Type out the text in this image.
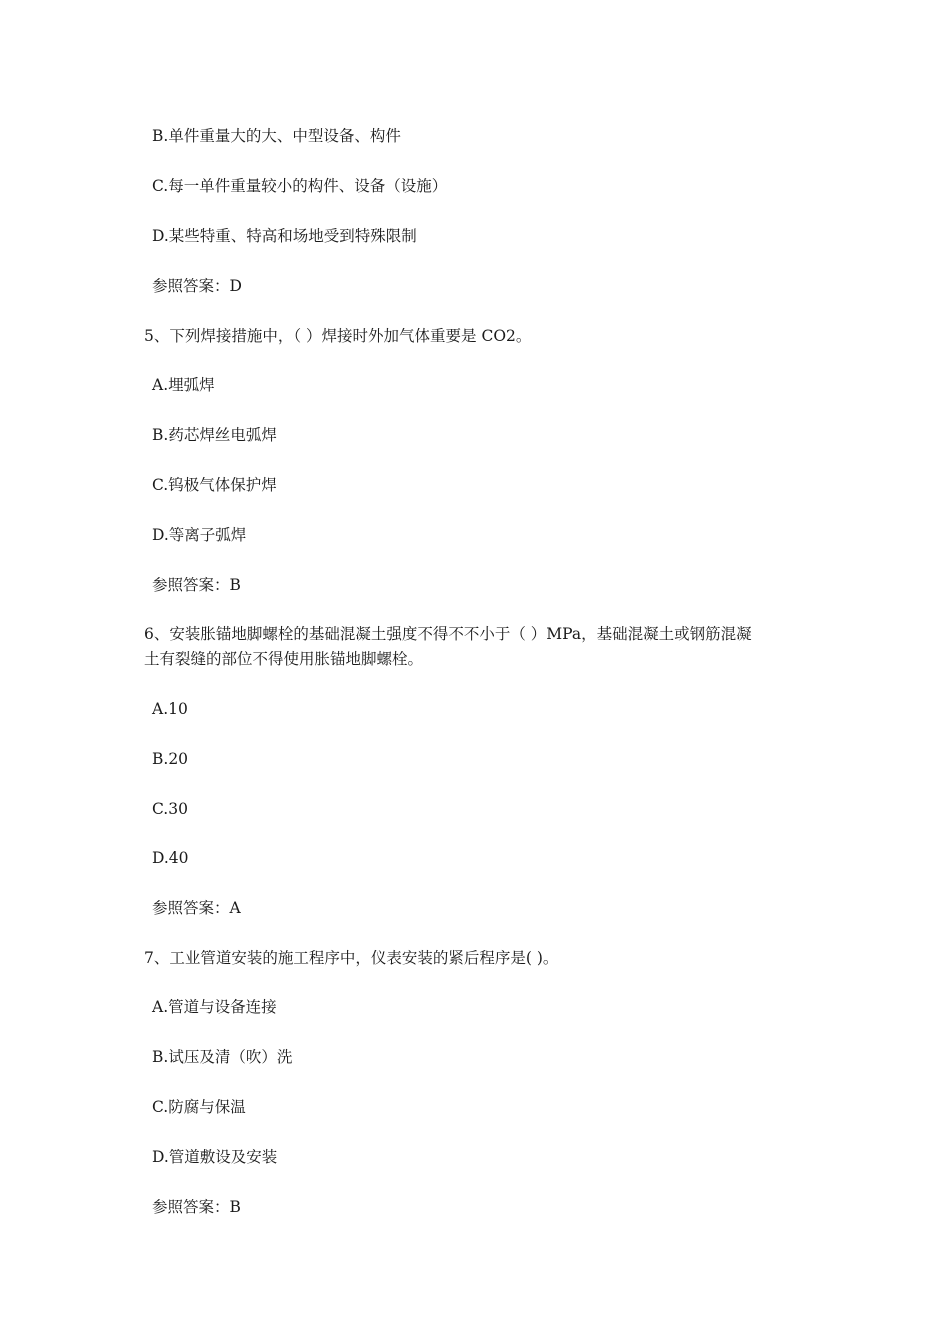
B.单件重量大的大、中型设备、构件
C.每一单件重量较小的构件、设备（设施）
D.某些特重、特高和场地受到特殊限制
参照答案：D
5、下列焊接措施中，（ ）焊接时外加气体重要是 CO2。
A.埋弧焊
B.药芯焊丝电弧焊
C.钨极气体保护焊
D.等离子弧焊
参照答案：B
6、安装胀锚地脚螺栓的基础混凝土强度不得不不小于（ ）MPa，基础混凝土或钢筋混凝
土有裂缝的部位不得使用胀锚地脚螺栓。
A.10
B.20
C.30
D.40
参照答案：A
7、工业管道安装的施工程序中，仪表安装的紧后程序是( )。
A.管道与设备连接
B.试压及清（吹）洗
C.防腐与保温
D.管道敷设及安装
参照答案：B
